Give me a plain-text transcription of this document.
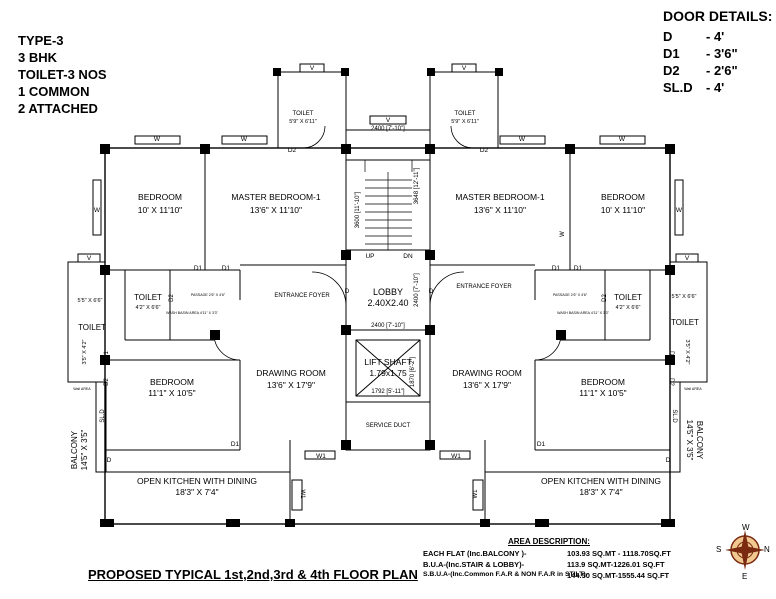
TYPE-3
3 BHK
TOILET-3 NOS
1 COMMON
2 ATTACHED
DOOR DETAILS:
D	- 4'
D1 - 3'6"
D2 - 2'6"
SL.D - 4'
BEDROOM
10' X 11'10"
MASTER BEDROOM-1
13'6" X 11'10"
MASTER BEDROOM-1
13'6" X 11'10"
BEDROOM
10' X 11'10"
BEDROOM
11'1" X 10'5"
BEDROOM
11'1" X 10'5"
DRAWING ROOM
13'6" X 17'9"
DRAWING ROOM
13'6" X 17'9"
OPEN KITCHEN WITH DINING
18'3" X 7'4"
OPEN KITCHEN WITH DINING
18'3" X 7'4"
LOBBY
2.40X2.40
LIFT SHAFT
1.79x1.75
SERVICE DUCT
TOILET
5'9" X 6'11"
TOILET
5'9" X 6'11"
TOILET
4'2" X 6'6"
TOILET
4'2" X 6'6"
5'5" X 6'6"
TOILET
5'5" X 6'6"
TOILET
ENTRANCE FOYER
ENTRANCE FOYER
BALCONY 14'5" X 3'5"	BALCONY
14'5" X 3'5"
3'5" X 4'2"	3'5" X 4'2"
2400 [7'-10"]
2400 [7'-10"]
1792 [5'-11"]
1870 [6'-2"]
2400 [7'-10"]
3600 [11'-10"]
3648 [12'-11"]
UP	DN
W	W	W	W
W	W
V	V
V
V	V
D2	D2
D1	D1	D1 D1
D	D
D1	D1
D	D
W1	W1
D2	D2
D1
D2
D1
D2
SL.D	SL.D
W1	W1
W
PASSAGE 2'6" X 4'6"	PASSAGE 2'6" X 4'6"
WASH BASIN AREA 4'11" X 3'3"	WASH BASIN AREA 4'11" X 3'3"
Wall AREA	Wall AREA
W
N
S
E
PROPOSED TYPICAL 1st,2nd,3rd & 4th FLOOR PLAN
AREA DESCRIPTION:
EACH FLAT (Inc.BALCONY )-	103.93 SQ.MT - 1118.70SQ.FT
B.U.A-(Inc.STAIR & LOBBY)-	113.9 SQ.MT-1226.01 SQ.FT
S.B.U.A-(Inc.Common F.A.R & NON F.A.R in STILT)-
144.50 SQ.MT-1555.44 SQ.FT
